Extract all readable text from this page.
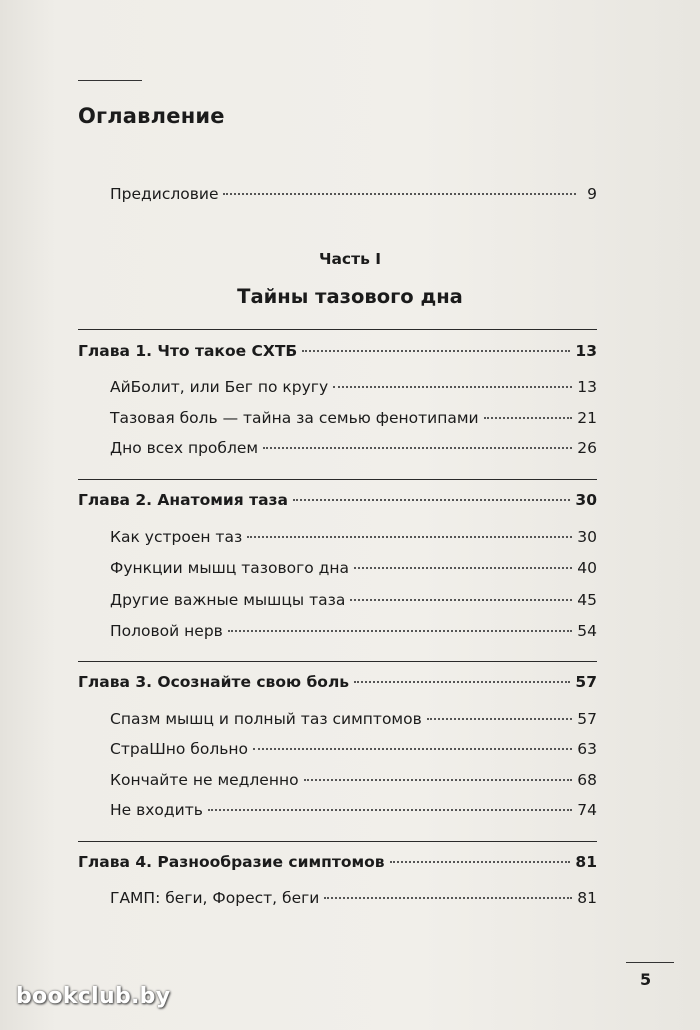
Оглавление
Предисловие	9
Часть I
Тайны тазового дна
Глава 1. Что такое СХТБ	13
АйБолит, или Бег по кругу	13
Тазовая боль — тайна за семью фенотипами	21
Дно всех проблем	26
Глава 2. Анатомия таза	30
Как устроен таз	30
Функции мышц тазового дна	40
Другие важные мышцы таза	45
Половой нерв	54
Глава 3. Осознайте свою боль	57
Спазм мышц и полный таз симптомов	57
СтраШно больно	63
Кончайте не медленно	68
Не входить	74
Глава 4. Разнообразие симптомов	81
ГАМП: беги, Форест, беги	81
5
bookclub.by
